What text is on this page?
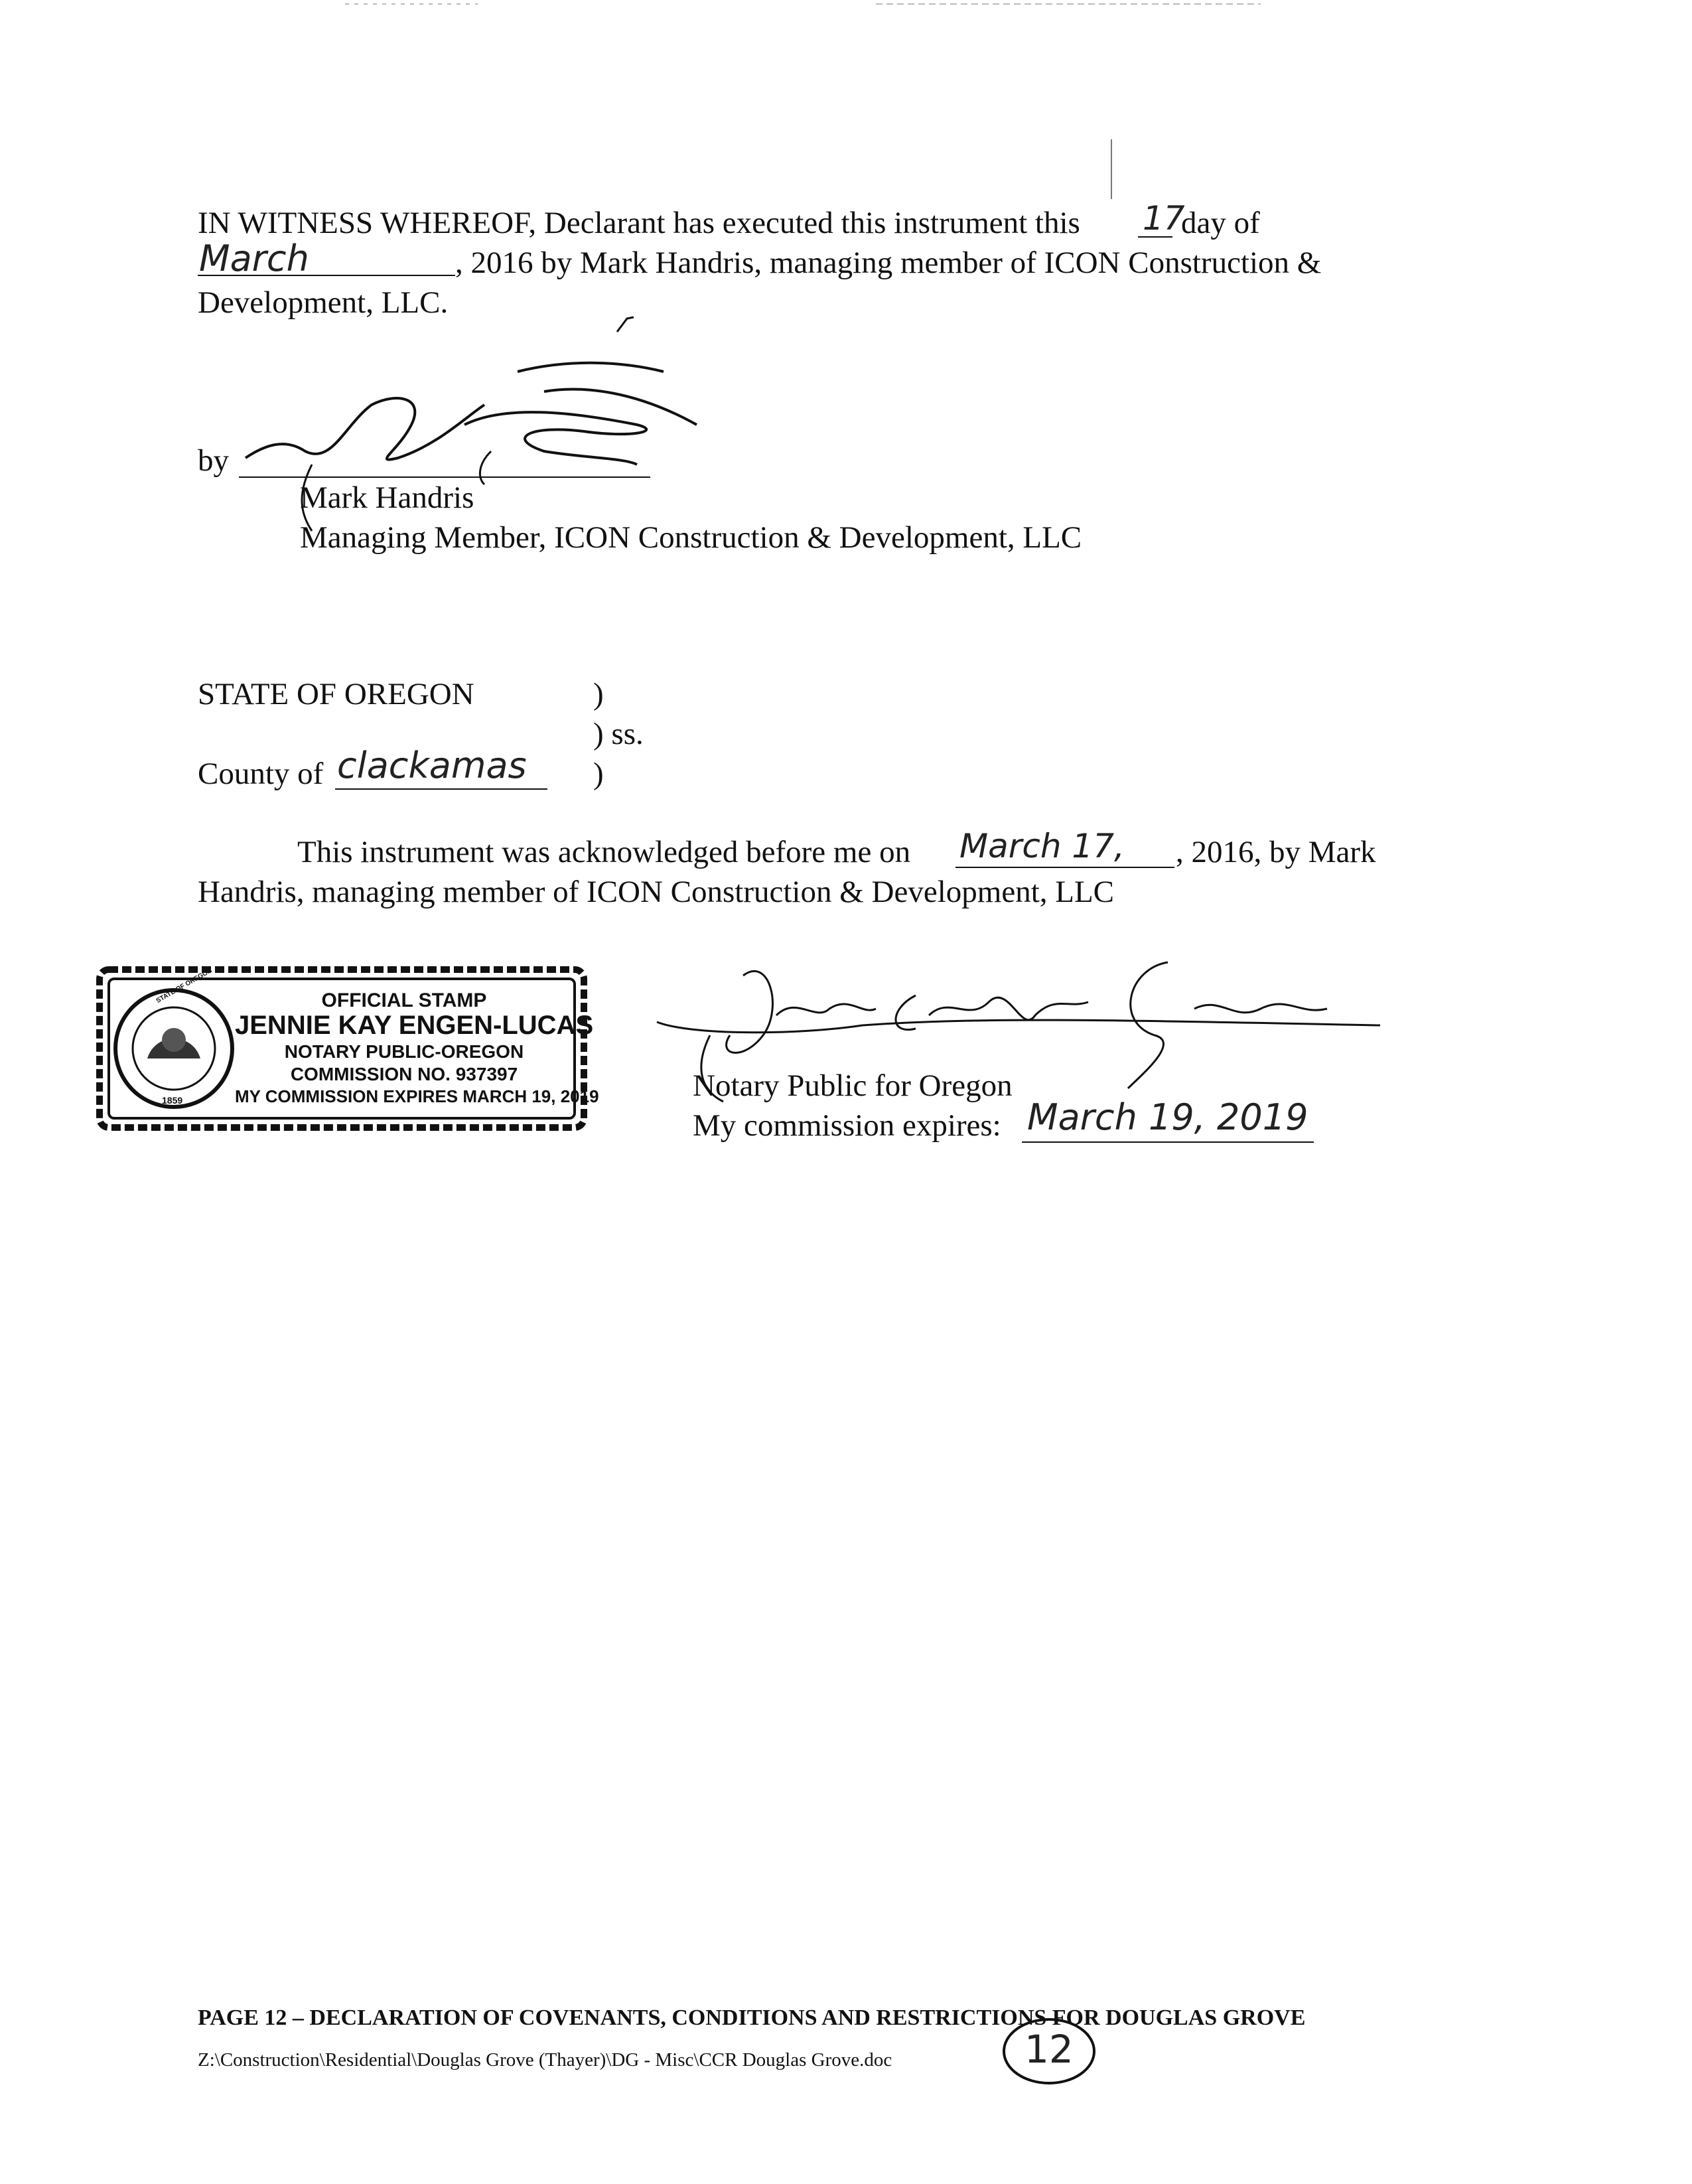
IN WITNESS WHEREOF, Declarant has executed this instrument this 17
day of
March	, 2016 by Mark Handris, managing member of ICON Construction &
Development, LLC.
by
Mark Handris
Managing Member, ICON Construction & Development, LLC
STATE OF OREGON	)
) ss.
County of clackamas )
This instrument was acknowledged before me on March 17, , 2016, by Mark
Handris, managing member of ICON Construction & Development, LLC
STATE OF OREGON
1859
OFFICIAL STAMP
JENNIE KAY ENGEN-LUCAS
NOTARY PUBLIC-OREGON
COMMISSION NO. 937397
MY COMMISSION EXPIRES MARCH 19, 2019	Notary Public for Oregon
My commission expires: March 19, 2019
PAGE 12 – DECLARATION OF COVENANTS, CONDITIONS AND RESTRICTIONS FOR DOUGLAS GROVE
Z:\Construction\Residential\Douglas Grove (Thayer)\DG - Misc\CCR Douglas Grove.doc	12
